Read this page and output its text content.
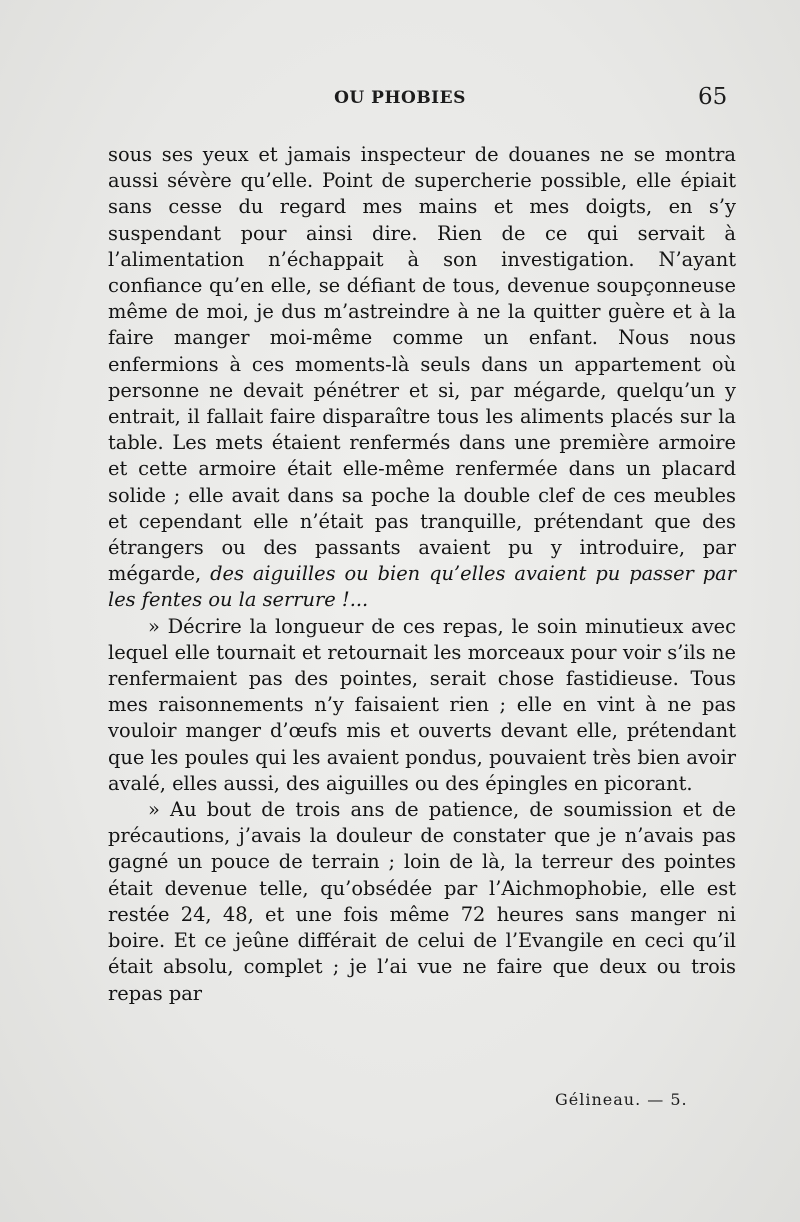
OU PHOBIES	65

sous ses yeux et jamais inspecteur de douanes ne se montra aussi sévère qu’elle. Point de supercherie possible, elle épiait sans cesse du regard mes mains et mes doigts, en s’y suspendant pour ainsi dire. Rien de ce qui servait à l’alimentation n’échappait à son investigation. N’ayant confiance qu’en elle, se défiant de tous, devenue soupçonneuse même de moi, je dus m’astreindre à ne la quitter guère et à la faire manger moi-même comme un enfant. Nous nous enfermions à ces moments-là seuls dans un appartement où personne ne devait pénétrer et si, par mégarde, quelqu’un y entrait, il fallait faire disparaître tous les aliments placés sur la table. Les mets étaient renfermés dans une première armoire et cette armoire était elle-même renfermée dans un placard solide ; elle avait dans sa poche la double clef de ces meubles et cependant elle n’était pas tranquille, prétendant que des étrangers ou des passants avaient pu y introduire, par mégarde, des aiguilles ou bien qu’elles avaient pu passer par les fentes ou la serrure !...

» Décrire la longueur de ces repas, le soin minutieux avec lequel elle tournait et retournait les morceaux pour voir s’ils ne renfermaient pas des pointes, serait chose fastidieuse. Tous mes raisonnements n’y faisaient rien ; elle en vint à ne pas vouloir manger d’œufs mis et ouverts devant elle, prétendant que les poules qui les avaient pondus, pouvaient très bien avoir avalé, elles aussi, des aiguilles ou des épingles en picorant.

» Au bout de trois ans de patience, de soumission et de précautions, j’avais la douleur de constater que je n’avais pas gagné un pouce de terrain ; loin de là, la terreur des pointes était devenue telle, qu’obsédée par l’Aichmophobie, elle est restée 24, 48, et une fois même 72 heures sans manger ni boire. Et ce jeûne différait de celui de l’Evangile en ceci qu’il était absolu, complet ; je l’ai vue ne faire que deux ou trois repas par

Gélineau. — 5.
